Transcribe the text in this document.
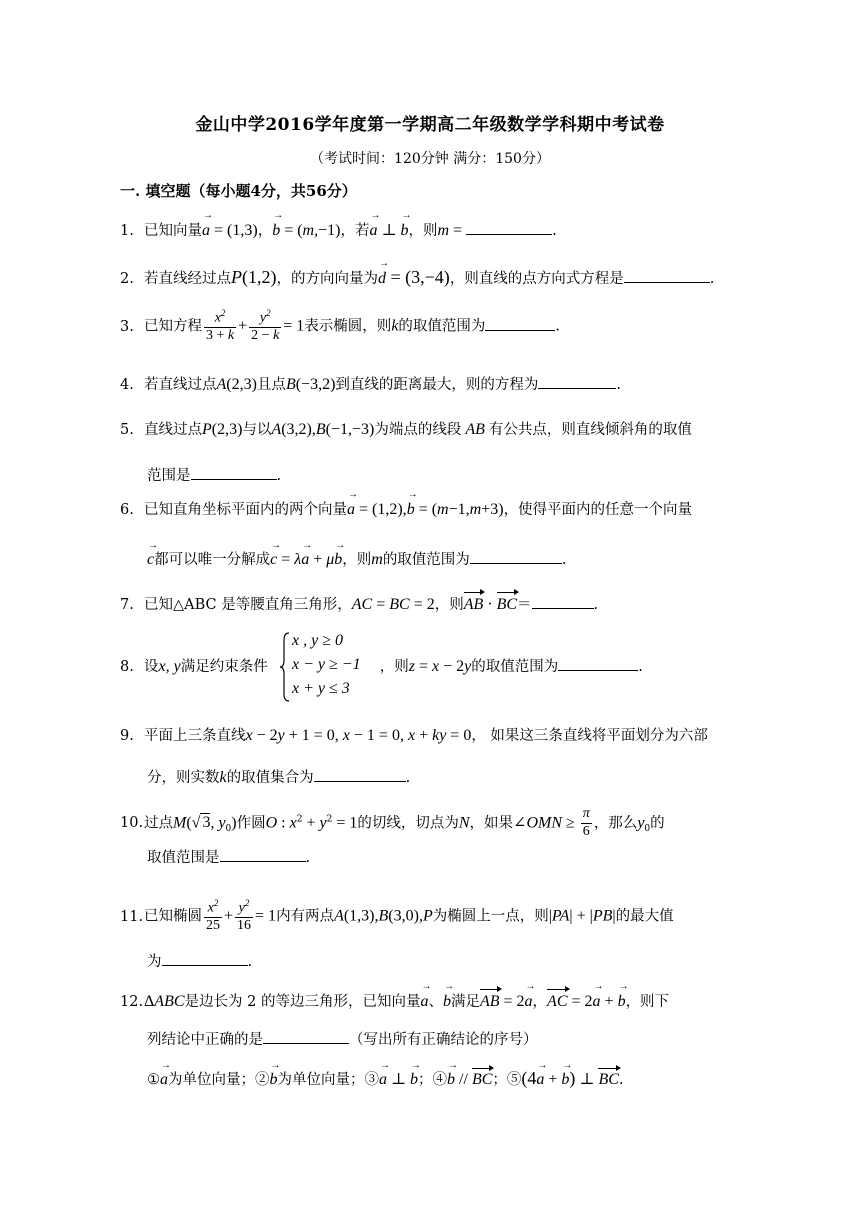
金山中学2016学年度第一学期高二年级数学学科期中考试卷
（考试时间：120分钟 满分：150分）
一. 填空题（每小题4分，共56分）
1. 已知向量→ a = (1,3)，→ b = (m,−1)，若→ a ⊥ → b，则m =	.
2. 若直线经过点P(1,2)，的方向向量为→ d = (3,−4)，则直线的点方向式方程是	.
3. 已知方程 $\frac{x^2}{3 + k} + \frac{y^2}{2 - k} = 1$表示椭圆，则k的取值范围为	.
4. 若直线过点A(2,3)且点B(−3,2)到直线的距离最大，则的方程为	.
5. 直线过点P(2,3)与以A(3,2),B(−1,−3)为端点的线段 AB 有公共点，则直线倾斜角的取值
范围是	.
6. 已知直角坐标平面内的两个向量→ a = (1,2),→ b = (m−1,m+3)，使得平面内的任意一个向量
→ c都可以唯一分解成→ c = λ→ a + μ→ b，则m的取值范围为	.
7. 已知△ABC 是等腰直角三角形，AC = BC = 2，则AB · BC＝	.
8. 设x, y满足约束条件	，则z = x − 2y的取值范围为	.
x , y ≥ 0
x − y ≥ −1
x + y ≤ 3
9. 平面上三条直线x − 2y + 1 = 0, x − 1 = 0, x + ky = 0， 如果这三条直线将平面划分为六部
分，则实数k的取值集合为	.
10.过点M(√ 3, $y_0$)作圆O : $x^2 + y^2 = 1$的切线，切点为N，如果∠OMN ≥ $\frac{\pi}{6}$ ，那么$y_0$的
取值范围是	.
11.已知椭圆 $\frac{x^2}{25} + \frac{y^2}{16} = 1$内有两点A(1,3),B(3,0),P为椭圆上一点，则|PA| + |PB|的最大值
为	.
12.ΔABC是边长为 2 的等边三角形，已知向量→ a、→ b满足AB = 2→ a，AC = 2→ a + → b，则下
列结论中正确的是	（写出所有正确结论的序号）
①→ a为单位向量；②→ b为单位向量；③→ a ⊥ → b；④→ b // BC；⑤(4→ a + → b) ⊥ BC.
